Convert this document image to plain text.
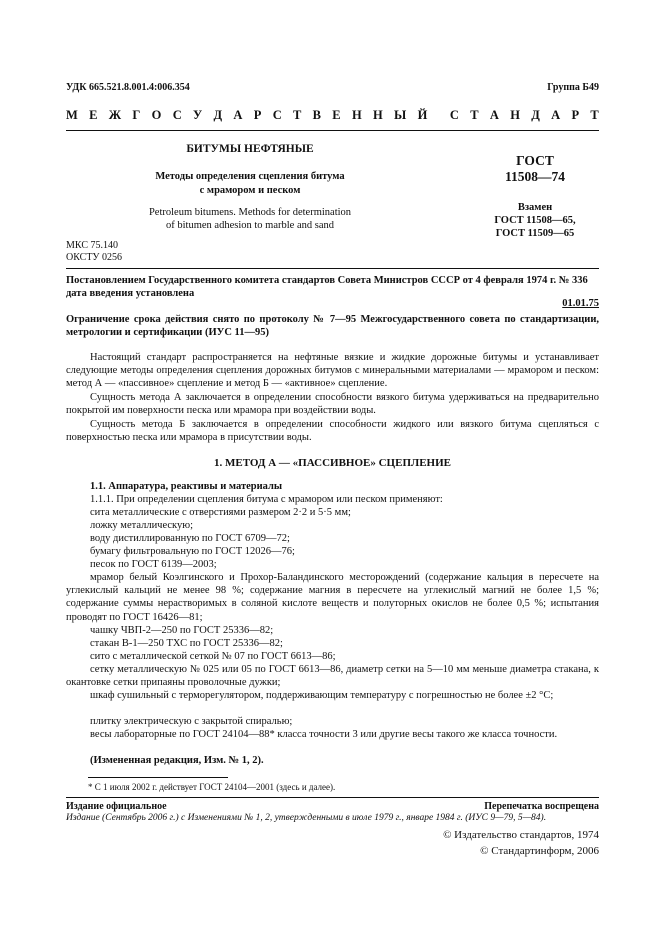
УДК 665.521.8.001.4:006.354	Группа Б49
М Е Ж Г О С У Д А Р С Т В Е Н Н Ы Й С Т А Н Д А Р Т
БИТУМЫ НЕФТЯНЫЕ
Методы определения сцепления битума
с мрамором и песком
Petroleum bitumens. Methods for determination
of bitumen adhesion to marble and sand
ГОСТ
11508—74
Взамен
ГОСТ 11508—65,
ГОСТ 11509—65
МКС 75.140
ОКСТУ 0256
Постановлением Государственного комитета стандартов Совета Министров СССР от 4 февраля 1974 г. № 336 дата введения установлена
01.01.75
Ограничение срока действия снято по протоколу № 7—95 Межгосударственного совета по стандартизации, метрологии и сертификации (ИУС 11—95)
Настоящий стандарт распространяется на нефтяные вязкие и жидкие дорожные битумы и устанавливает следующие методы определения сцепления дорожных битумов с минеральными материалами — мрамором и песком: метод А — «пассивное» сцепление и метод Б — «активное» сцепление.
Сущность метода А заключается в определении способности вязкого битума удерживаться на предварительно покрытой им поверхности песка или мрамора при воздействии воды.
Сущность метода Б заключается в определении способности жидкого или вязкого битума сцепляться с поверхностью песка или мрамора в присутствии воды.
1. МЕТОД А — «ПАССИВНОЕ» СЦЕПЛЕНИЕ
1.1. Аппаратура, реактивы и материалы
1.1.1. При определении сцепления битума с мрамором или песком применяют:
сита металлические с отверстиями размером 2·2 и 5·5 мм;
ложку металлическую;
воду дистиллированную по ГОСТ 6709—72;
бумагу фильтровальную по ГОСТ 12026—76;
песок по ГОСТ 6139—2003;
мрамор белый Коэлгинского и Прохор-Баландинского месторождений (содержание кальция в пересчете на углекислый кальций не менее 98 %; содержание магния в пересчете на углекислый магний не более 1,5 %; содержание суммы нерастворимых в соляной кислоте веществ и полуторных окислов не более 0,5 %; испытания проводят по ГОСТ 16426—81;
чашку ЧВП-2—250 по ГОСТ 25336—82;
стакан В-1—250 ТХС по ГОСТ 25336—82;
сито с металлической сеткой № 07 по ГОСТ 6613—86;
сетку металлическую № 025 или 05 по ГОСТ 6613—86, диаметр сетки на 5—10 мм меньше диаметра стакана, к окантовке сетки припаяны проволочные дужки;
шкаф сушильный с терморегулятором, поддерживающим температуру с погрешностью не более ±2 °С;
плитку электрическую с закрытой спиралью;
весы лабораторные по ГОСТ 24104—88* класса точности 3 или другие весы такого же класса точности.
(Измененная редакция, Изм. № 1, 2).
* С 1 июля 2002 г. действует ГОСТ 24104—2001 (здесь и далее).
Издание официальное	Перепечатка воспрещена
Издание (Сентябрь 2006 г.) с Изменениями № 1, 2, утвержденными в июле 1979 г., январе 1984 г. (ИУС 9—79, 5—84).
© Издательство стандартов, 1974
© Стандартинформ, 2006
